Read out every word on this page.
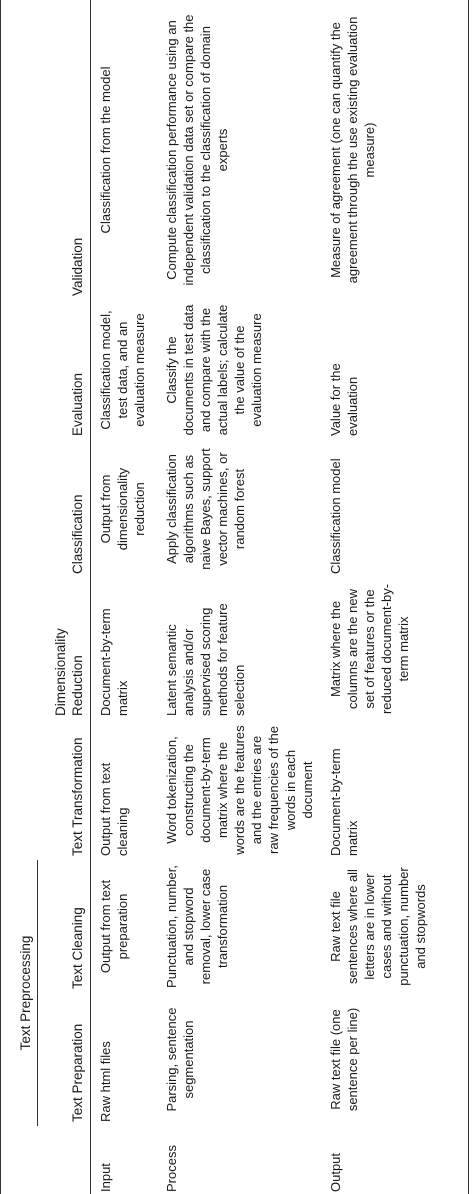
	Text Preprocessing						
	Text Preparation	Text Cleaning	Text Transformation	Dimensionality Reduction	Classification	Evaluation	Validation
Input	Raw html files	Output from text preparation	Output from text cleaning	Document-by-term matrix	Output from dimensionality reduction	Classification model, test data, and an evaluation measure	Classification from the model
Process	Parsing, sentence segmentation	Punctuation, number, and stopword removal, lower case transformation	Word tokenization, constructing the document-by-term matrix where the words are the features and the entries are raw frequencies of the words in each document	Latent semantic analysis and/or supervised scoring methods for feature selection	Apply classification algorithms such as naive Bayes, support vector machines, or random forest	Classify the documents in test data and compare with the actual labels; calculate the value of the evaluation measure	Compute classification performance using an independent validation data set or compare the classification to the classification of domain experts
Output	Raw text file (one sentence per line)	Raw text file sentences where all letters are in lower cases and without punctuation, number and stopwords	Document-by-term matrix	Matrix where the columns are the new set of features or the reduced document-by-term matrix	Classification model	Value for the evaluation	Measure of agreement (one can quantify the agreement through the use existing evaluation measure)
